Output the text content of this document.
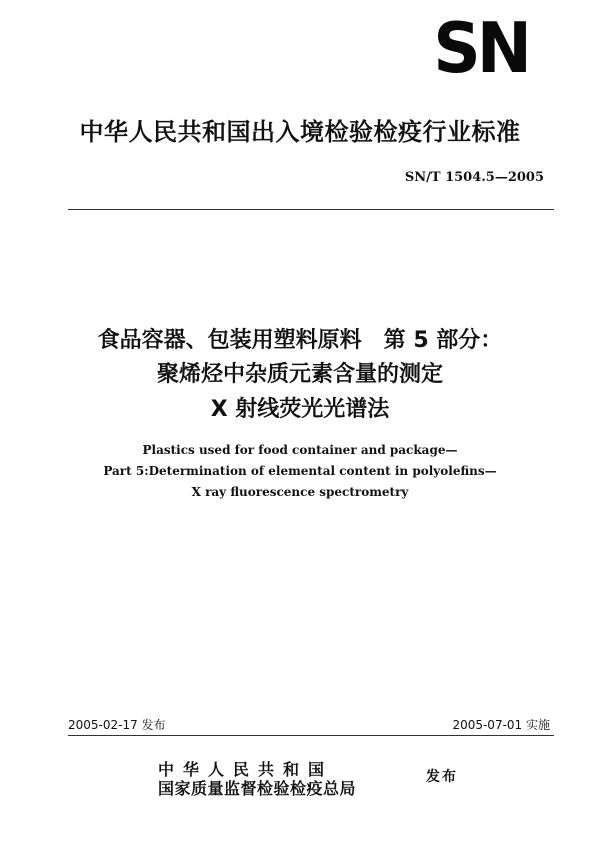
SN
中华人民共和国出入境检验检疫行业标准
SN/T 1504.5—2005
食品容器、包装用塑料原料　第 5 部分：
聚烯烃中杂质元素含量的测定
X 射线荧光光谱法
Plastics used for food container and package—
Part 5:Determination of elemental content in polyolefins—
X ray fluorescence spectrometry
2005-02-17 发布	2005-07-01 实施
中华人民共和国
国家质量监督检验检疫总局
发布
